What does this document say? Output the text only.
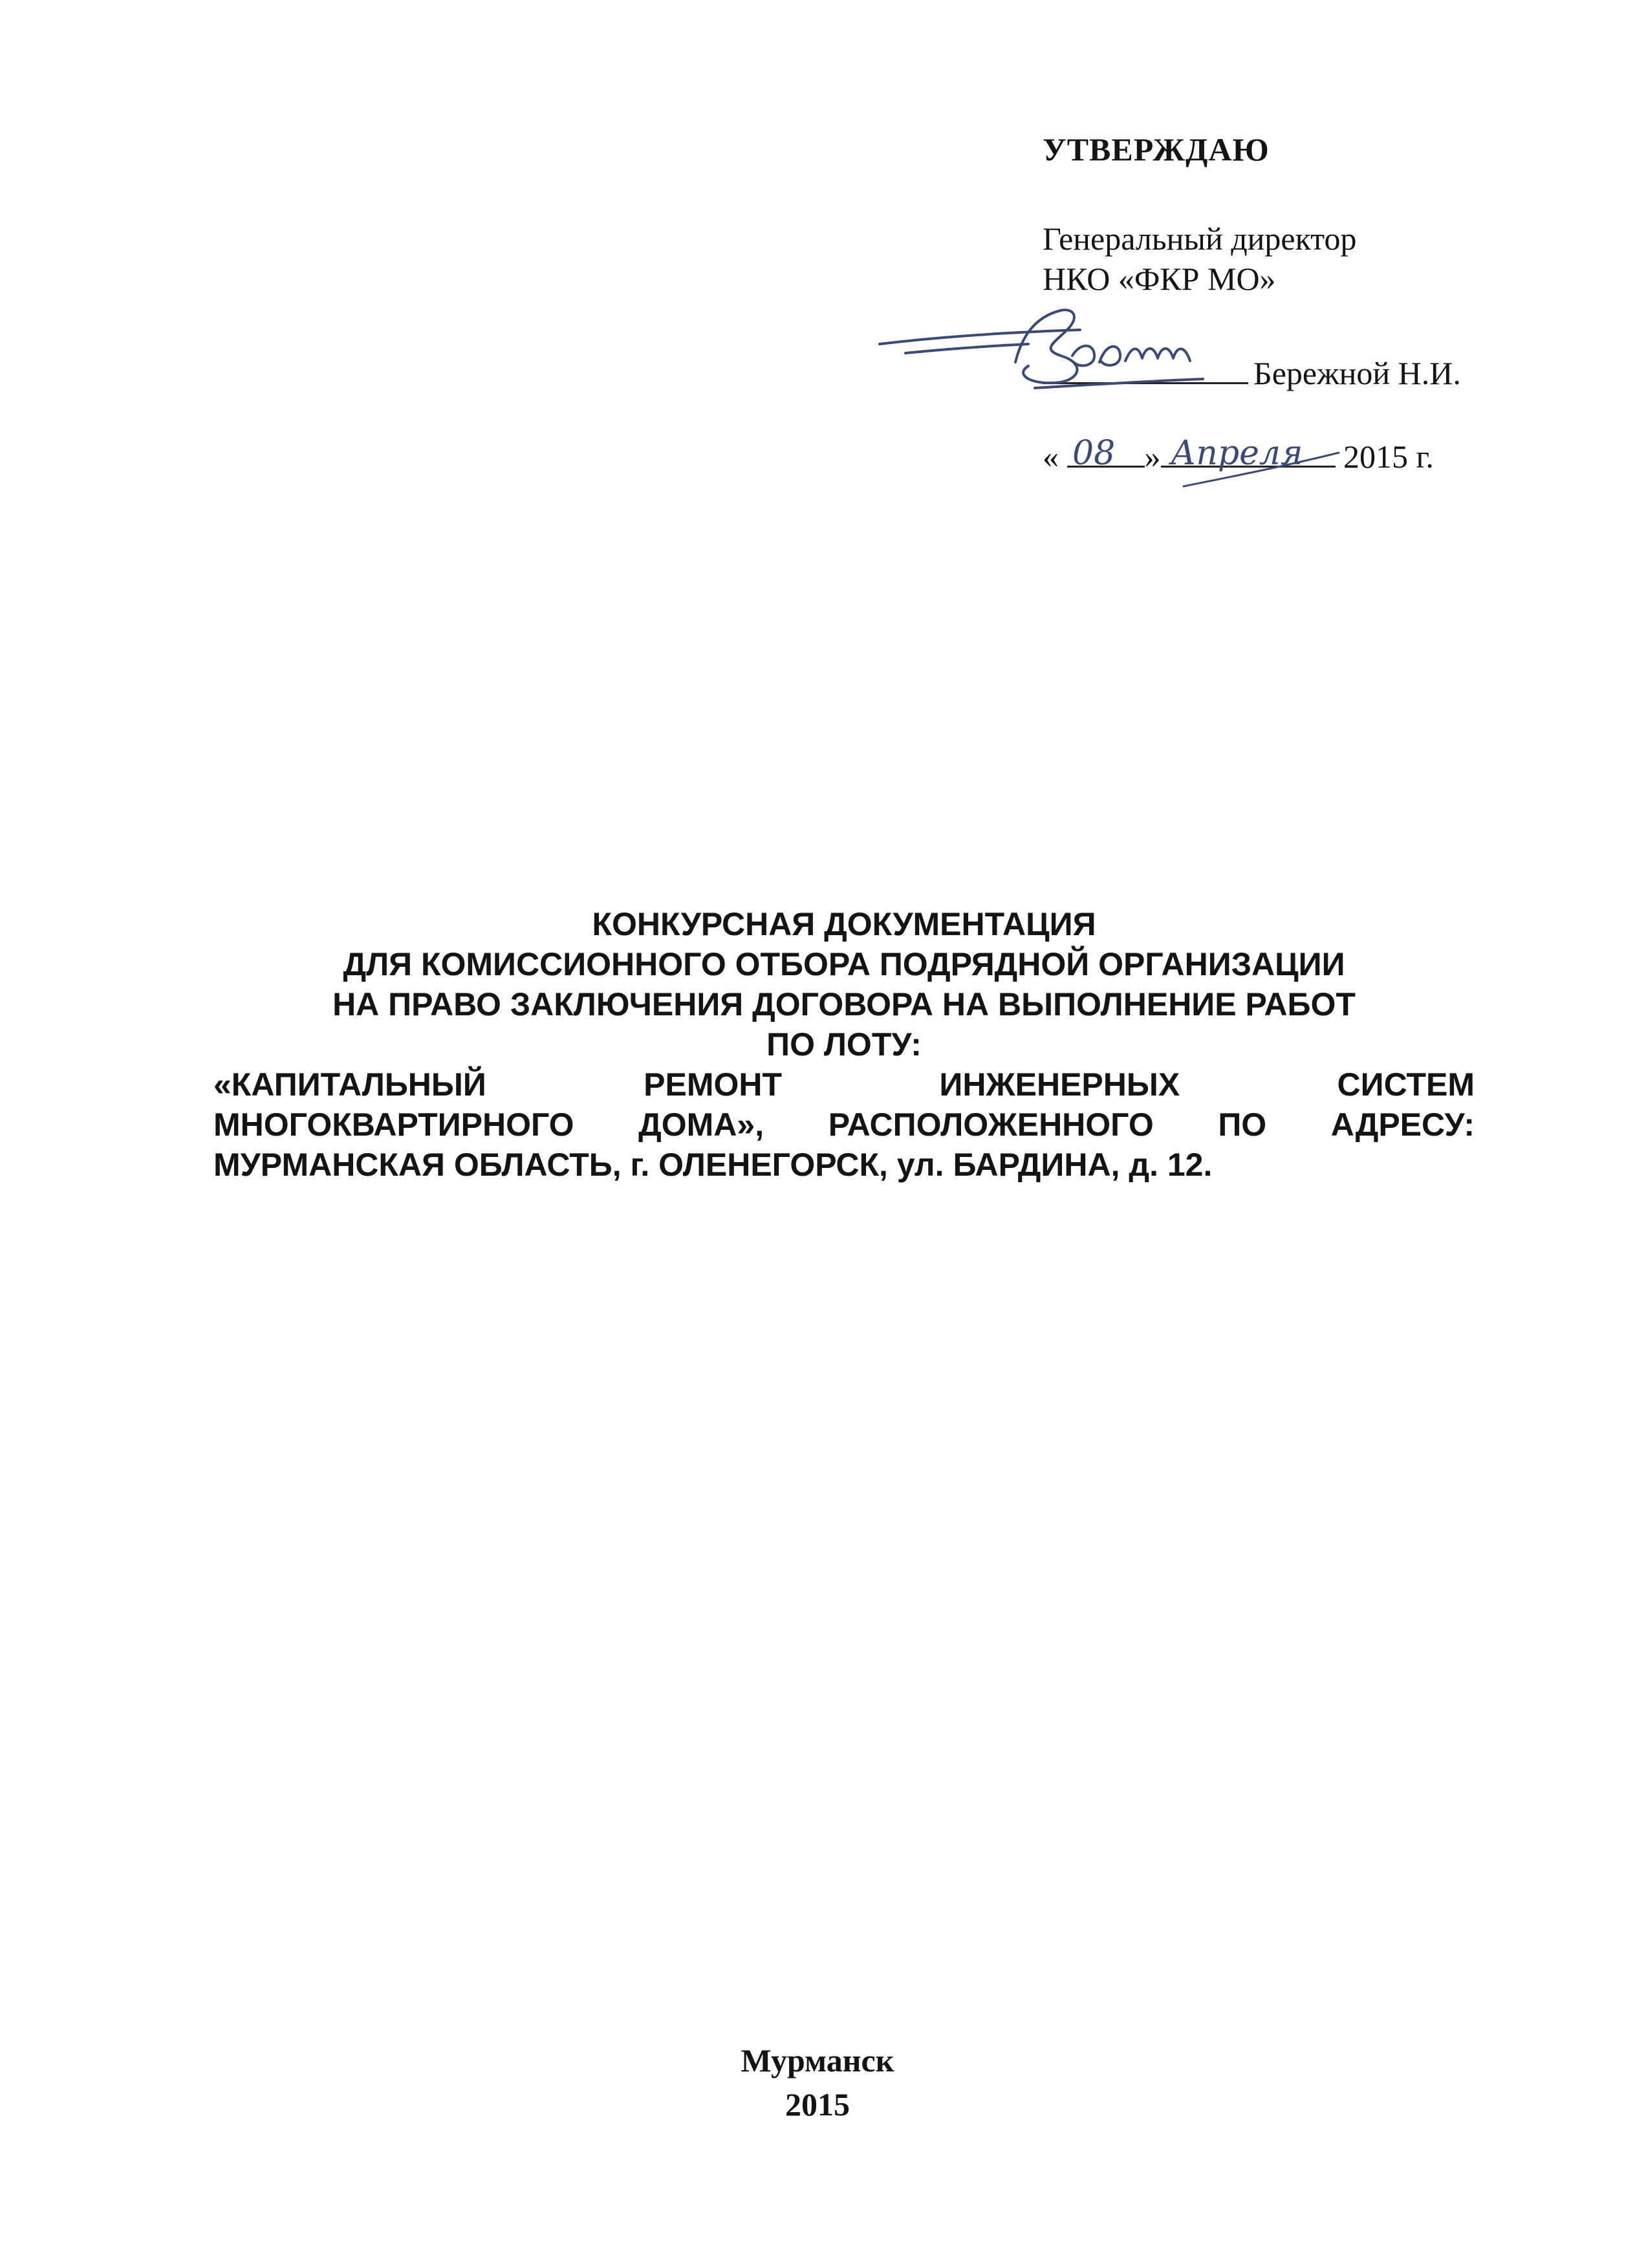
УТВЕРЖДАЮ
Генеральный директор
НКО «ФКР МО»
Бережной Н.И.
«	»	2015 г.
08 Апреля
КОНКУРСНАЯ ДОКУМЕНТАЦИЯ
ДЛЯ КОМИССИОННОГО ОТБОРА ПОДРЯДНОЙ ОРГАНИЗАЦИИ
НА ПРАВО ЗАКЛЮЧЕНИЯ ДОГОВОРА НА ВЫПОЛНЕНИЕ РАБОТ
ПО ЛОТУ:
«КАПИТАЛЬНЫЙ РЕМОНТ ИНЖЕНЕРНЫХ СИСТЕМ
МНОГОКВАРТИРНОГО ДОМА», РАСПОЛОЖЕННОГО ПО АДРЕСУ:
МУРМАНСКАЯ ОБЛАСТЬ, г. ОЛЕНЕГОРСК, ул. БАРДИНА, д. 12.
Мурманск
2015
